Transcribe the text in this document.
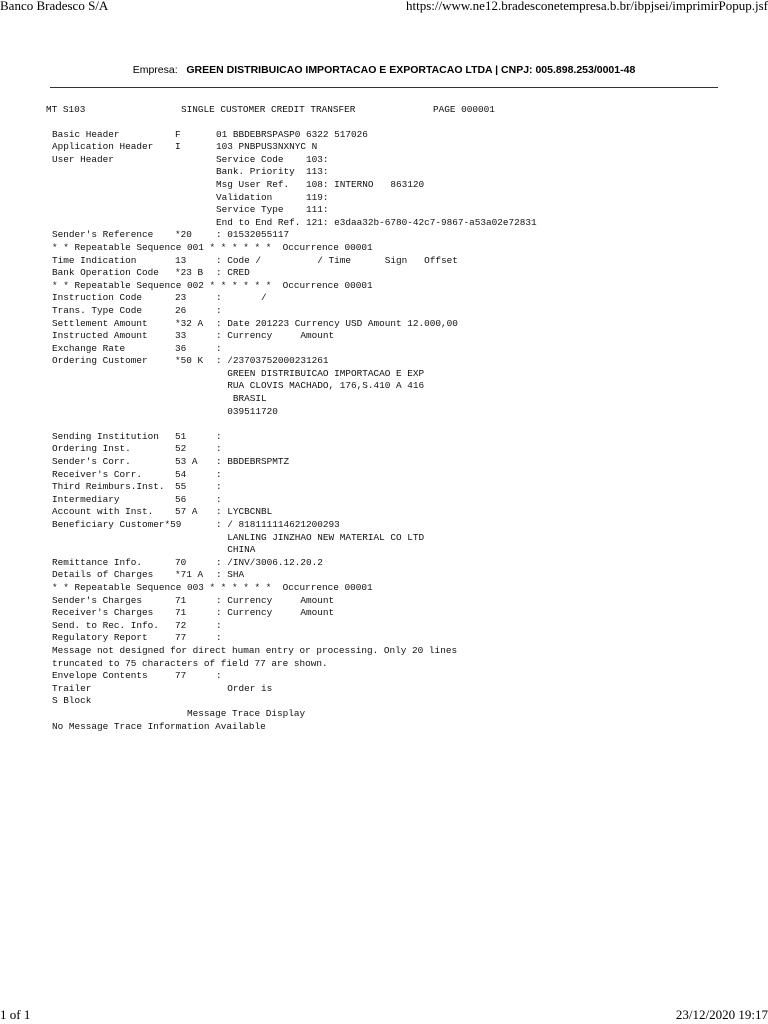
Banco Bradesco S/A	https://www.ne12.bradesconetempresa.b.br/ibpjsei/imprimirPopup.jsf
Empresa: GREEN DISTRIBUICAO IMPORTACAO E EXPORTACAO LTDA | CNPJ: 005.898.253/0001-48
MT S103	SINGLE CUSTOMER CREDIT TRANSFER	PAGE 000001
Basic Header	F	01 BBDEBRSPASP0 6322 517026
Application Header I	103 PNBPUS3NXNYC N
User Header	Service Code    103:
Bank. Priority  113:
Msg User Ref.   108: INTERNO   863120
Validation      119:
Service Type    111:
End to End Ref. 121: e3daa32b-6780-42c7-9867-a53a02e72831
Sender's Reference *20	: 01532055117
* * Repeatable Sequence 001 * * * * * *  Occurrence 00001
Time Indication	13	: Code /          / Time      Sign   Offset
Bank Operation Code *23 B : CRED
* * Repeatable Sequence 002 * * * * * *  Occurrence 00001
Instruction Code	23	:       /
Trans. Type Code	26	:
Settlement Amount	*32 A : Date 201223 Currency USD Amount 12.000,00
Instructed Amount	33	: Currency     Amount
Exchange Rate	36	:
Ordering Customer	*50 K : /23703752000231261
GREEN DISTRIBUICAO IMPORTACAO E EXP
RUA CLOVIS MACHADO, 176,S.410 A 416
BRASIL
039511720
Sending Institution 51	:
Ordering Inst.	52	:
Sender's Corr.	53 A : BBDEBRSPMTZ
Receiver's Corr.	54	:
Third Reimburs.Inst. 55	:
Intermediary	56	:
Account with Inst. 57 A : LYCBCNBL
Beneficiary Customer*59	: / 818111114621200293
LANLING JINZHAO NEW MATERIAL CO LTD
CHINA
Remittance Info.	70	: /INV/3006.12.20.2
Details of Charges *71 A : SHA
* * Repeatable Sequence 003 * * * * * *  Occurrence 00001
Sender's Charges	71	: Currency     Amount
Receiver's Charges 71	: Currency     Amount
Send. to Rec. Info. 72	:
Regulatory Report	77	:
Message not designed for direct human entry or processing. Only 20 lines
truncated to 75 characters of field 77 are shown.
Envelope Contents	77	:
Trailer	Order is
S Block
Message Trace Display
No Message Trace Information Available
1 of 1	23/12/2020 19:17
